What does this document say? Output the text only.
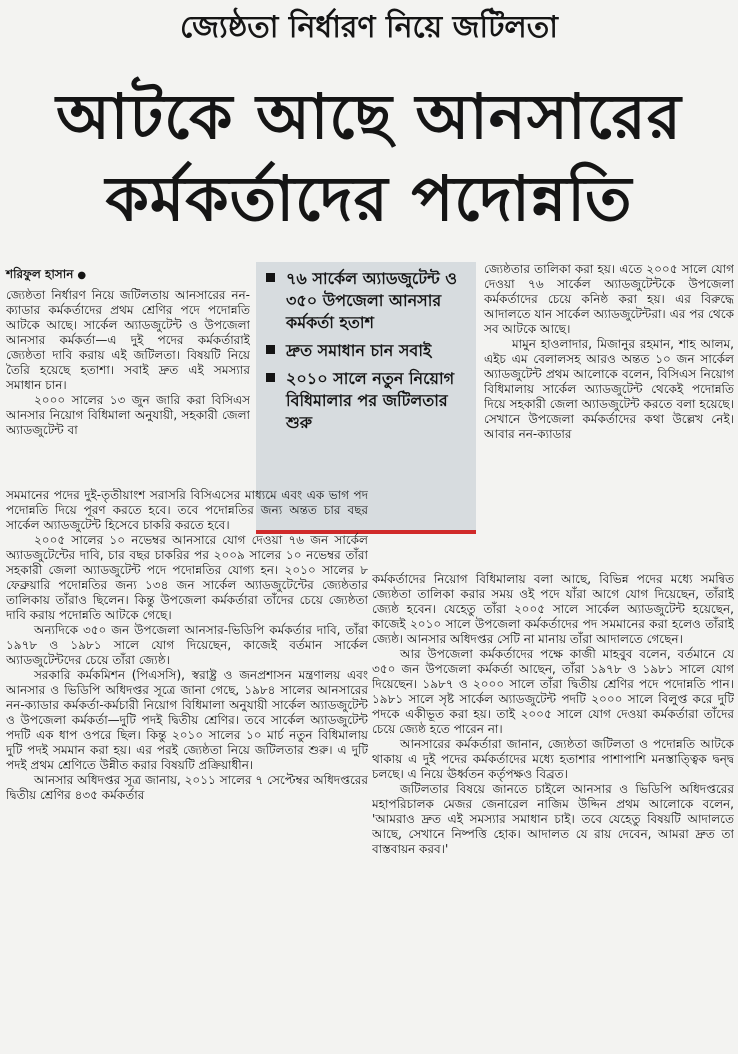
জ্যেষ্ঠতা নির্ধারণ নিয়ে জটিলতা
আটকে আছে আনসারের
কর্মকর্তাদের পদোন্নতি
শরিফুল হাসান ●

জ্যেষ্ঠতা নির্ধারণ নিয়ে জটিলতায় আনসারের নন-ক্যাডার কর্মকর্তাদের প্রথম শ্রেণির পদে পদোন্নতি আটকে আছে। সার্কেল অ্যাডজুটেন্ট ও উপজেলা আনসার কর্মকর্তা—এ দুই পদের কর্মকর্তারাই জ্যেষ্ঠতা দাবি করায় এই জটিলতা। বিষয়টি নিয়ে তৈরি হয়েছে হতাশা। সবাই দ্রুত এই সমস্যার সমাধান চান।

২০০০ সালের ১৩ জুন জারি করা বিসিএস আনসার নিয়োগ বিধিমালা অনুযায়ী, সহকারী জেলা অ্যাডজুটেন্ট বা

৭৬ সার্কেল অ্যাডজুটেন্ট ও ৩৫০ উপজেলা আনসার কর্মকর্তা হতাশ
দ্রুত সমাধান চান সবাই
২০১০ সালে নতুন নিয়োগ বিধিমালার পর জটিলতার শুরু

জ্যেষ্ঠতার তালিকা করা হয়। এতে ২০০৫ সালে যোগ দেওয়া ৭৬ সার্কেল অ্যাডজুটেন্টকে উপজেলা কর্মকর্তাদের চেয়ে কনিষ্ঠ করা হয়। এর বিরুদ্ধে আদালতে যান সার্কেল অ্যাডজুটেন্টরা। এর পর থেকে সব আটকে আছে।

মামুন হাওলাদার, মিজানুর রহমান, শাহ আলম, এইচ এম বেলালসহ আরও অন্তত ১০ জন সার্কেল অ্যাডজুটেন্ট প্রথম আলোকে বলেন, বিসিএস নিয়োগ বিধিমালায় সার্কেল অ্যাডজুটেন্ট থেকেই পদোন্নতি দিয়ে সহকারী জেলা অ্যাডজুটেন্ট করতে বলা হয়েছে। সেখানে উপজেলা কর্মকর্তাদের কথা উল্লেখ নেই। আবার নন-ক্যাডার

সমমানের পদের দুই-তৃতীয়াংশ সরাসরি বিসিএসের মাধ্যমে এবং এক ভাগ পদ পদোন্নতি দিয়ে পূরণ করতে হবে। তবে পদোন্নতির জন্য অন্তত চার বছর সার্কেল অ্যাডজুটেন্ট হিসেবে চাকরি করতে হবে।

২০০৫ সালের ১০ নভেম্বর আনসারে যোগ দেওয়া ৭৬ জন সার্কেল অ্যাডজুটেন্টের দাবি, চার বছর চাকরির পর ২০০৯ সালের ১০ নভেম্বর তাঁরা সহকারী জেলা অ্যাডজুটেন্ট পদে পদোন্নতির যোগ্য হন। ২০১০ সালের ৮ ফেব্রুয়ারি পদোন্নতির জন্য ১৩৪ জন সার্কেল অ্যাডজুটেন্টের জ্যেষ্ঠতার তালিকায় তাঁরাও ছিলেন। কিন্তু উপজেলা কর্মকর্তারা তাঁদের চেয়ে জ্যেষ্ঠতা দাবি করায় পদোন্নতি আটকে গেছে।

অন্যদিকে ৩৫০ জন উপজেলা আনসার-ভিডিপি কর্মকর্তার দাবি, তাঁরা ১৯৭৮ ও ১৯৮১ সালে যোগ দিয়েছেন, কাজেই বর্তমান সার্কেল অ্যাডজুটেন্টদের চেয়ে তাঁরা জ্যেষ্ঠ।

সরকারি কর্মকমিশন (পিএসসি), স্বরাষ্ট্র ও জনপ্রশাসন মন্ত্রণালয় এবং আনসার ও ভিডিপি অধিদপ্তর সূত্রে জানা গেছে, ১৯৮৪ সালের আনসারের নন-ক্যাডার কর্মকর্তা-কর্মচারী নিয়োগ বিধিমালা অনুযায়ী সার্কেল অ্যাডজুটেন্ট ও উপজেলা কর্মকর্তা—দুটি পদই দ্বিতীয় শ্রেণির। তবে সার্কেল অ্যাডজুটেন্ট পদটি এক ধাপ ওপরে ছিল। কিন্তু ২০১০ সালের ১০ মার্চ নতুন বিধিমালায় দুটি পদই সমমান করা হয়। এর পরই জ্যেষ্ঠতা নিয়ে জটিলতার শুরু। এ দুটি পদই প্রথম শ্রেণিতে উন্নীত করার বিষয়টি প্রক্রিয়াধীন।

আনসার অধিদপ্তর সূত্র জানায়, ২০১১ সালের ৭ সেপ্টেম্বর অধিদপ্তরের দ্বিতীয় শ্রেণির ৪৩৫ কর্মকর্তার

কর্মকর্তাদের নিয়োগ বিধিমালায় বলা আছে, বিভিন্ন পদের মধ্যে সমন্বিত জ্যেষ্ঠতা তালিকা করার সময় ওই পদে যাঁরা আগে যোগ দিয়েছেন, তাঁরাই জ্যেষ্ঠ হবেন। যেহেতু তাঁরা ২০০৫ সালে সার্কেল অ্যাডজুটেন্ট হয়েছেন, কাজেই ২০১০ সালে উপজেলা কর্মকর্তাদের পদ সমমানের করা হলেও তাঁরাই জ্যেষ্ঠ। আনসার অধিদপ্তর সেটি না মানায় তাঁরা আদালতে গেছেন।

আর উপজেলা কর্মকর্তাদের পক্ষে কাজী মাহবুব বলেন, বর্তমানে যে ৩৫০ জন উপজেলা কর্মকর্তা আছেন, তাঁরা ১৯৭৮ ও ১৯৮১ সালে যোগ দিয়েছেন। ১৯৮৭ ও ২০০০ সালে তাঁরা দ্বিতীয় শ্রেণির পদে পদোন্নতি পান। ১৯৮১ সালে সৃষ্ট সার্কেল অ্যাডজুটেন্ট পদটি ২০০০ সালে বিলুপ্ত করে দুটি পদকে একীভূত করা হয়। তাই ২০০৫ সালে যোগ দেওয়া কর্মকর্তারা তাঁদের চেয়ে জ্যেষ্ঠ হতে পারেন না।

আনসারের কর্মকর্তারা জানান, জ্যেষ্ঠতা জটিলতা ও পদোন্নতি আটকে থাকায় এ দুই পদের কর্মকর্তাদের মধ্যে হতাশার পাশাপাশি মনস্তাত্ত্বিক দ্বন্দ্ব চলছে। এ নিয়ে ঊর্ধ্বতন কর্তৃপক্ষও বিব্রত।

জটিলতার বিষয়ে জানতে চাইলে আনসার ও ভিডিপি অধিদপ্তরের মহাপরিচালক মেজর জেনারেল নাজিম উদ্দিন প্রথম আলোকে বলেন, 'আমরাও দ্রুত এই সমস্যার সমাধান চাই। তবে যেহেতু বিষয়টি আদালতে আছে, সেখানে নিষ্পত্তি হোক। আদালত যে রায় দেবেন, আমরা দ্রুত তা বাস্তবায়ন করব।'
